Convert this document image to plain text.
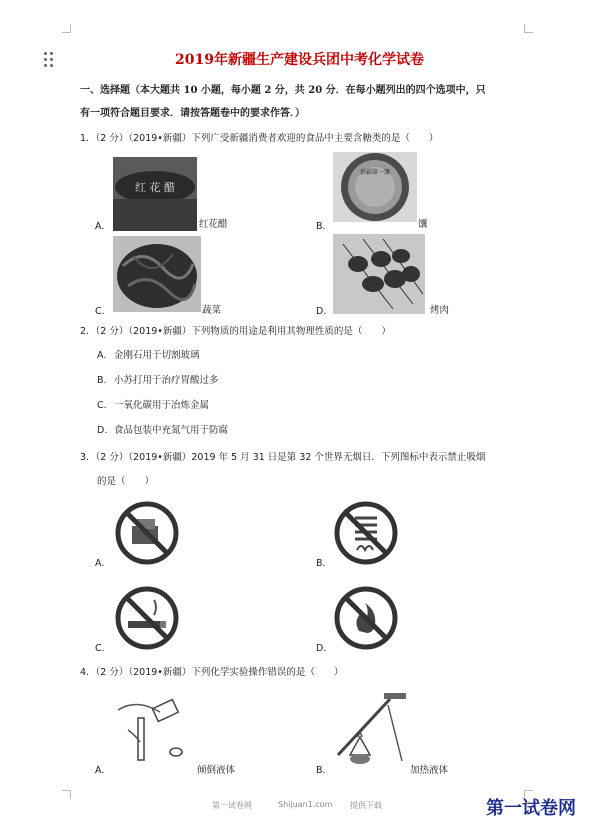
2019年新疆生产建设兵团中考化学试卷
一、选择题（本大题共 10 小题，每小题 2 分，共 20 分．在每小题列出的四个选项中，只
有一项符合题目要求．请按答题卷中的要求作答．）
1．（2 分）（2019•新疆）下列广受新疆消费者欢迎的食品中主要含糖类的是（　　）
红 花 醋
A.	红花醋
新疆第一馕
B.	馕
C.	蔬菜	D.	烤肉
2．（2 分）（2019•新疆）下列物质的用途是利用其物理性质的是（　　）
A. 金刚石用于切割玻璃
B. 小苏打用于治疗胃酸过多
C. 一氧化碳用于冶炼金属
D. 食品包装中充氮气用于防腐
3．（2 分）（2019•新疆）2019 年 5 月 31 日是第 32 个世界无烟日．下列图标中表示禁止吸烟
的是（　　）
A.	B.
C.	D.
4．（2 分）（2019•新疆）下列化学实验操作错误的是（　　）
A.	倾倒液体	B.	加热液体
第一试卷网	Shijuan1.com 提供下载	第一试卷网
